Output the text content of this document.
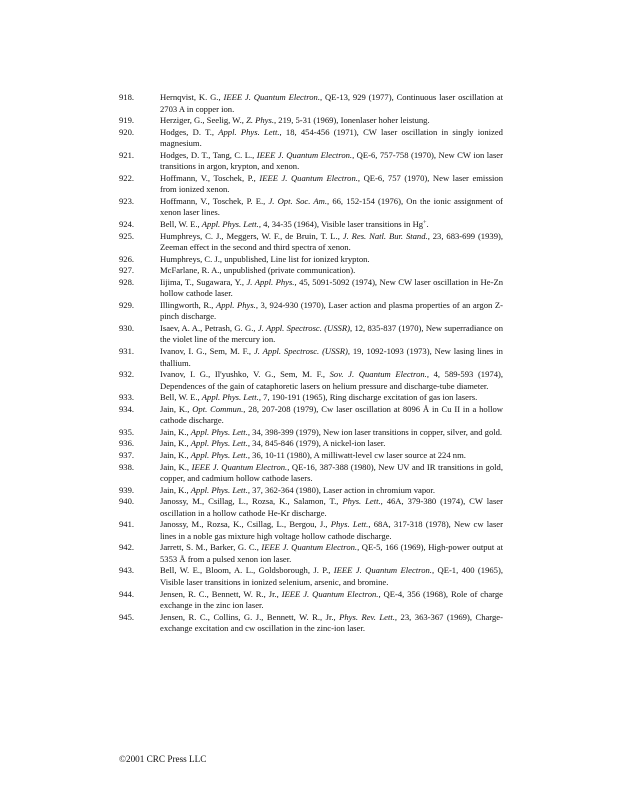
918.	Hernqvist, K. G., IEEE J. Quantum Electron., QE-13, 929 (1977), Continuous laser oscillation at 2703 A in copper ion.
919.	Herziger, G., Seelig, W., Z. Phys., 219, 5-31 (1969), Ionenlaser hoher leistung.
920.	Hodges, D. T., Appl. Phys. Lett., 18, 454-456 (1971), CW laser oscillation in singly ionized magnesium.
921.	Hodges, D. T., Tang, C. L., IEEE J. Quantum Electron., QE-6, 757-758 (1970), New CW ion laser transitions in argon, krypton, and xenon.
922.	Hoffmann, V., Toschek, P., IEEE J. Quantum Electron., QE-6, 757 (1970), New laser emission from ionized xenon.
923.	Hoffmann, V., Toschek, P. E., J. Opt. Soc. Am., 66, 152-154 (1976), On the ionic assignment of xenon laser lines.
924.	Bell, W. E., Appl. Phys. Lett., 4, 34-35 (1964), Visible laser transitions in Hg+.
925.	Humphreys, C. J., Meggers, W. F., de Bruin, T. L., J. Res. Natl. Bur. Stand., 23, 683-699 (1939), Zeeman effect in the second and third spectra of xenon.
926.	Humphreys, C. J., unpublished, Line list for ionized krypton.
927.	McFarlane, R. A., unpublished (private communication).
928.	Iijima, T., Sugawara, Y., J. Appl. Phys., 45, 5091-5092 (1974), New CW laser oscillation in He-Zn hollow cathode laser.
929.	Illingworth, R., Appl. Phys., 3, 924-930 (1970), Laser action and plasma properties of an argon Z-pinch discharge.
930.	Isaev, A. A., Petrash, G. G., J. Appl. Spectrosc. (USSR), 12, 835-837 (1970), New superradiance on the violet line of the mercury ion.
931.	Ivanov, I. G., Sem, M. F., J. Appl. Spectrosc. (USSR), 19, 1092-1093 (1973), New lasing lines in thallium.
932.	Ivanov, I. G., Il'yushko, V. G., Sem, M. F., Sov. J. Quantum Electron., 4, 589-593 (1974), Dependences of the gain of cataphoretic lasers on helium pressure and discharge-tube diameter.
933.	Bell, W. E., Appl. Phys. Lett., 7, 190-191 (1965), Ring discharge excitation of gas ion lasers.
934.	Jain, K., Opt. Commun., 28, 207-208 (1979), Cw laser oscillation at 8096 Å in Cu II in a hollow cathode discharge.
935.	Jain, K., Appl. Phys. Lett., 34, 398-399 (1979), New ion laser transitions in copper, silver, and gold.
936.	Jain, K., Appl. Phys. Lett., 34, 845-846 (1979), A nickel-ion laser.
937.	Jain, K., Appl. Phys. Lett., 36, 10-11 (1980), A milliwatt-level cw laser source at 224 nm.
938.	Jain, K., IEEE J. Quantum Electron., QE-16, 387-388 (1980), New UV and IR transitions in gold, copper, and cadmium hollow cathode lasers.
939.	Jain, K., Appl. Phys. Lett., 37, 362-364 (1980), Laser action in chromium vapor.
940.	Janossy, M., Csillag, L., Rozsa, K., Salamon, T., Phys. Lett., 46A, 379-380 (1974), CW laser oscillation in a hollow cathode He-Kr discharge.
941.	Janossy, M., Rozsa, K., Csillag, L., Bergou, J., Phys. Lett., 68A, 317-318 (1978), New cw laser lines in a noble gas mixture high voltage hollow cathode discharge.
942.	Jarrett, S. M., Barker, G. C., IEEE J. Quantum Electron., QE-5, 166 (1969), High-power output at 5353 Å from a pulsed xenon ion laser.
943.	Bell, W. E., Bloom, A. L., Goldsborough, J. P., IEEE J. Quantum Electron., QE-1, 400 (1965), Visible laser transitions in ionized selenium, arsenic, and bromine.
944.	Jensen, R. C., Bennett, W. R., Jr., IEEE J. Quantum Electron., QE-4, 356 (1968), Role of charge exchange in the zinc ion laser.
945.	Jensen, R. C., Collins, G. J., Bennett, W. R., Jr., Phys. Rev. Lett., 23, 363-367 (1969), Charge-exchange excitation and cw oscillation in the zinc-ion laser.
©2001 CRC Press LLC
